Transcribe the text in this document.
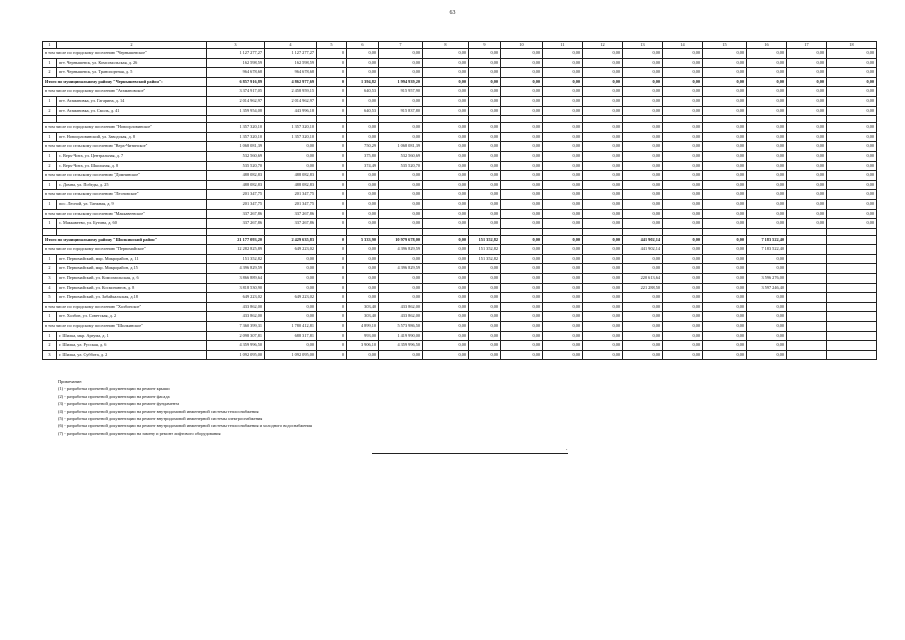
63
1	2	3	4	5	6	7	8	9	10	11	12	13	14	15	16	17	18
в том числе по городскому поселению "Чернышевское"		1 127 277,27	1 127 277,27	0	0,00	0,00	0,00	0,00	0,00	0,00	0,00	0,00	0,00	0,00	0,00	0,00	0,00
1	пгт. Чернышевск, ул. Комсомольская, д. 26	162 598,59	162 598,59	0	0,00	0,00	0,00	0,00	0,00	0,00	0,00	0,00	0,00	0,00	0,00	0,00	0,00
2	пгт. Чернышевск, ул. Транспортная, д. 5	964 678,68	964 678,68	0	0,00	0,00	0,00	0,00	0,00	0,00	0,00	0,00	0,00	0,00	0,00	0,00	0,00
Итого по муниципальному району "Чернышевский район":		6 857 916,89	4 862 977,69	0	1 394,82	1 994 939,20	0,00	0,00	0,00	0,00	0,00	0,00	0,00	0,00	0,00	0,00	0,00
в том числе по городскому поселению "Атамановское"		3 374 917,05	2 458 959,15	0	640,53	915 957,90	0,00	0,00	0,00	0,00	0,00	0,00	0,00	0,00	0,00	0,00	0,00
1	пгт. Атамановка, ул. Гагарина, д. 14	2 014 962,97	2 014 962,97	0	0,00	0,00	0,00	0,00	0,00	0,00	0,00	0,00	0,00	0,00	0,00	0,00	0,00
2	пгт. Атамановка, ул. Смоль, д. 41	1 359 954,08	443 996,18	0	640,53	915 837,80	0,00	0,00	0,00	0,00	0,00	0,00	0,00	0,00	0,00	0,00	0,00

в том числе по городскому поселению "Новоорловинское"		1 357 320,10	1 357 320,10	0	0,00	0,00	0,00	0,00	0,00	0,00	0,00	0,00	0,00	0,00	0,00	0,00	0,00
1	пгт. Новоорловинский, ул. Заводская, д. 8	1 357 320,10	1 357 320,10	0	0,00	0,00	0,00	0,00	0,00	0,00	0,00	0,00	0,00	0,00	0,00	0,00	0,00
в том числе по сельскому поселению "Верх-Читинское"		1 068 081,39	0,00	0	750,29	1 068 081,39	0,00	0,00	0,00	0,00	0,00	0,00	0,00	0,00	0,00	0,00	0,00
1	с. Верх-Чита, ул. Центральная, д. 7	532 560,69	0,00	0	375,80	532 560,69	0,00	0,00	0,00	0,00	0,00	0,00	0,00	0,00	0,00	0,00	0,00
2	с. Верх-Чита, ул. Школьная, д. 8	535 520,70	0,00	0	374,49	535 520,70	0,00	0,00	0,00	0,00	0,00	0,00	0,00	0,00	0,00	0,00	0,00
в том числе по сельскому поселению "Домнинское"		488 082,83	488 082,83	0	0,00	0,00	0,00	0,00	0,00	0,00	0,00	0,00	0,00	0,00	0,00	0,00	0,00
1	с. Домна, ул. Победы, д. 25	488 082,83	488 082,83	0	0,00	0,00	0,00	0,00	0,00	0,00	0,00	0,00	0,00	0,00	0,00	0,00	0,00
в том числе по сельскому поселению "Лесновское"		201 347,75	201 347,75	0	0,00	0,00	0,00	0,00	0,00	0,00	0,00	0,00	0,00	0,00	0,00	0,00	0,00
1	пос. Лесной, ул. Таежная, д. 9	201 347,75	201 347,75	0	0,00	0,00	0,00	0,00	0,00	0,00	0,00	0,00	0,00	0,00	0,00	0,00	0,00
в том числе по сельскому поселению "Маккавеевское"		337 267,86	337 267,86	0	0,00	0,00	0,00	0,00	0,00	0,00	0,00	0,00	0,00	0,00	0,00	0,00	0,00
1	с. Маккавеево, ул. Бутина, д. 60	337 267,86	337 267,86	0	0,00	0,00	0,00	0,00	0,00	0,00	0,00	0,00	0,00	0,00	0,00	0,00	0,00

Итого по муниципальному району "Шилкинский район"		21 177 093,20	2 429 635,83	0	5 333,90	10 979 678,00	0,00	151 352,82	0,00	0,00	0,00	441 902,14	0,00	0,00	7 183 522,40		
в том числе по городскому поселению "Первомайское"		12 282 825,89	649 223,02	0	0,00	4 396 829,59	0,00	151 352,82	0,00	0,00	0,00	441 902,14	0,00	0,00	7 183 522,40		
1	пгт. Первомайский, мкр. Микрорайон, д. 11	151 352,82	0,00	0	0,00	0,00	0,00	151 352,82	0,00	0,00	0,00	0,00	0,00	0,00	0,00		
2	пгт. Первомайский, мкр. Микрорайон, д.15	4 396 829,59	0,00	0	0,00	4 396 829,59	0,00	0,00	0,00	0,00	0,00	0,00	0,00	0,00	0,00		
3	пгт. Первомайский, ул. Комсомольская, д. 6	3 866 889,64	0,00	0	0,00	0,00	0,00	0,00	0,00	0,00	0,00	220 613,64	0,00	0,00	3 596 276,00		
4	пгт. Первомайский, ул. Космонавтов, д. 8	3 818 530,90	0,00	0	0,00	0,00	0,00	0,00	0,00	0,00	0,00	221 288,50	0,00	0,00	3 597 246,40		
5	пгт. Первомайский, ул. Забайкальская, д.18	649 223,02	649 223,02	0	0,00	0,00	0,00	0,00	0,00	0,00	0,00	0,00	0,00	0,00	0,00		
в том числе по городскому поселению "Холбонское"		433 862,00	0,00	0	303,40	433 862,00	0,00	0,00	0,00	0,00	0,00	0,00	0,00	0,00	0,00		
1	пгт. Холбон, ул. Советская, д. 2	433 862,00	0,00	0	303,40	433 862,00	0,00	0,00	0,00	0,00	0,00	0,00	0,00	0,00	0,00		
в том числе по городскому поселению "Шилкинское"		7 360 399,31	1 780 412,81	0	4 899,10	5 573 986,50	0,00	0,00	0,00	0,00	0,00	0,00	0,00	0,00	0,00		
1	г. Шилка, мкр. Ареума, д. 1	2 098 307,81	688 317,81	0	993,00	1 419 990,00	0,00	0,00	0,00	0,00	0,00	0,00	0,00	0,00	0,00		
2	г. Шилка, ул. Русская, д. 6	4 359 996,50	0,00	0	3 906,10	4 359 996,50	0,00	0,00	0,00	0,00	0,00	0,00	0,00	0,00	0,00		
3	г. Шилка, ул. Суббота, д. 2	1 092 095,00	1 092 095,00	0	0,00	0,00	0,00	0,00	0,00	0,00	0,00	0,00	0,00	0,00	0,00		
Примечание:
(1) - разработка проектной документации на ремонт крыши
(2) - разработка проектной документации на ремонт фасада
(3) - разработка проектной документации на ремонт фундамента
(4) - разработка проектной документации на ремонт внутридомовой инженерной системы теплоснабжения
(5) - разработка проектной документации на ремонт внутридомовой инженерной системы электроснабжения
(6) - разработка проектной документации на ремонт внутридомовой инженерной системы теплоснабжения и холодного водоснабжения
(7) - разработка проектной документации на замену и ремонт лифтового оборудования
.
